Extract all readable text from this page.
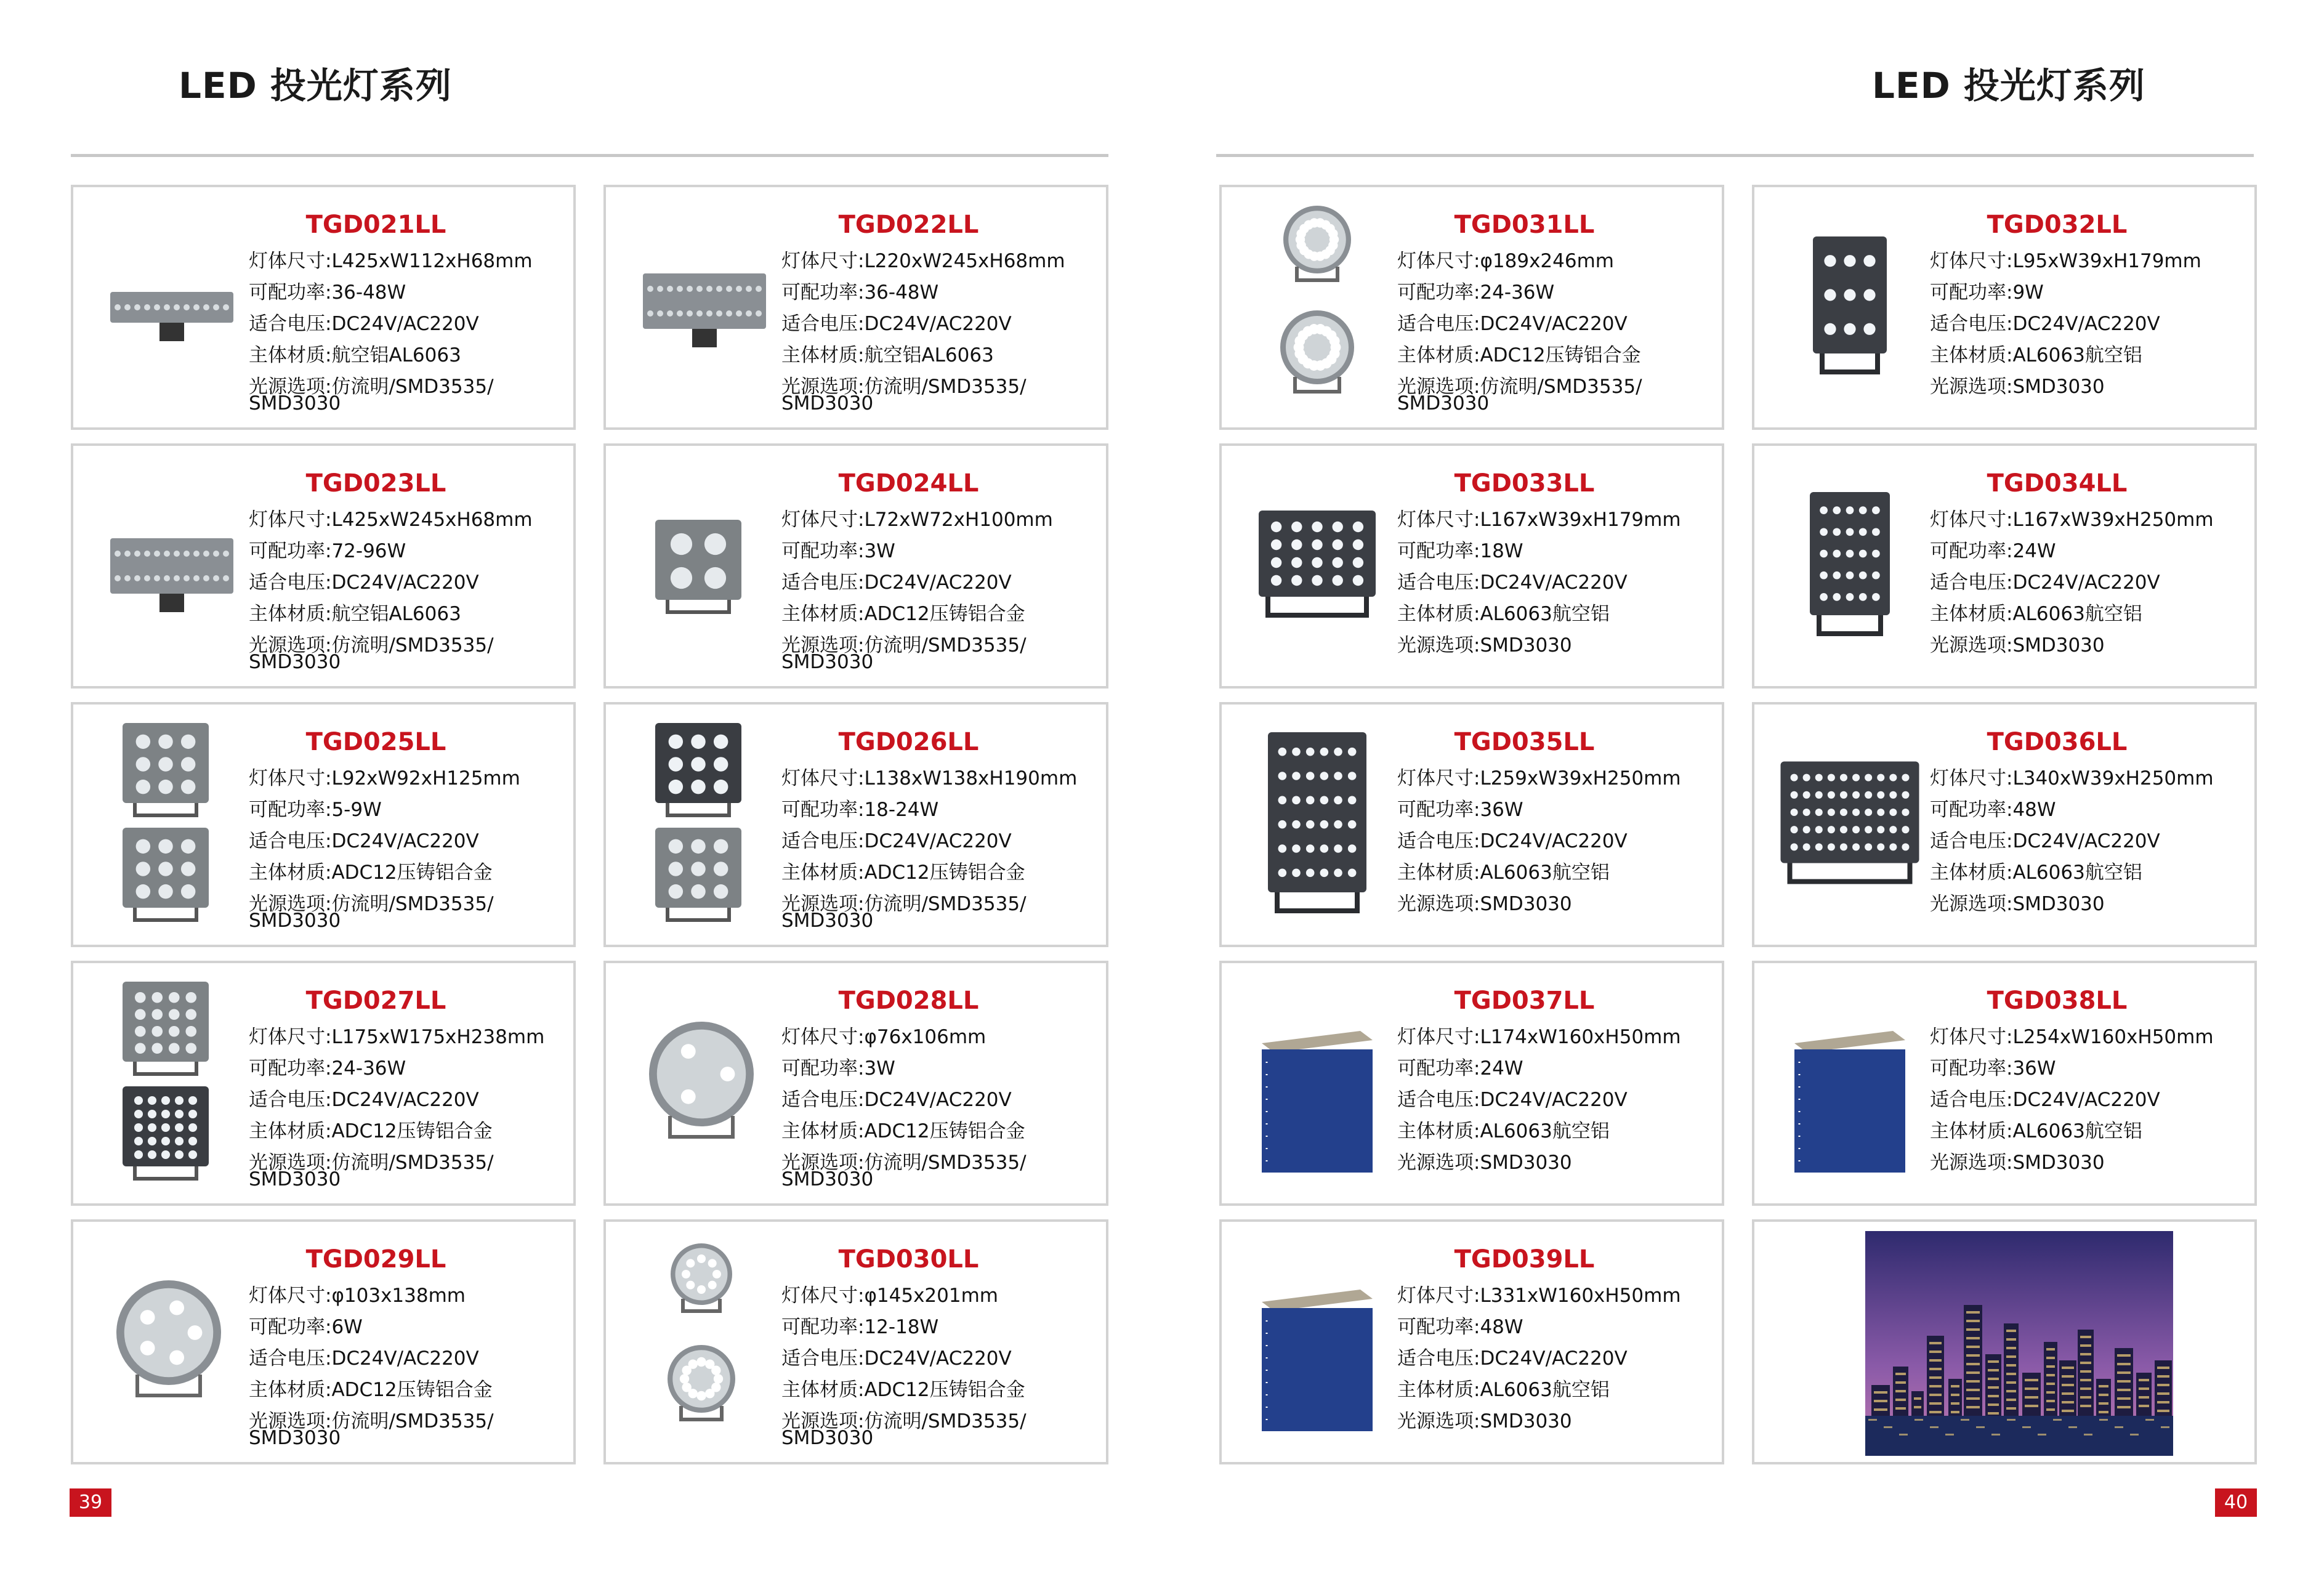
LED 投光灯系列	LED 投光灯系列
TGD021LL
灯体尺寸:L425xW112xH68mm
可配功率:36-48W
适合电压:DC24V/AC220V
主体材质:航空铝AL6063
光源选项:仿流明/SMD3535/
SMD3030
TGD022LL
灯体尺寸:L220xW245xH68mm
可配功率:36-48W
适合电压:DC24V/AC220V
主体材质:航空铝AL6063
光源选项:仿流明/SMD3535/
SMD3030
TGD023LL
灯体尺寸:L425xW245xH68mm
可配功率:72-96W
适合电压:DC24V/AC220V
主体材质:航空铝AL6063
光源选项:仿流明/SMD3535/
SMD3030
TGD024LL
灯体尺寸:L72xW72xH100mm
可配功率:3W
适合电压:DC24V/AC220V
主体材质:ADC12压铸铝合金
光源选项:仿流明/SMD3535/
SMD3030
TGD025LL
灯体尺寸:L92xW92xH125mm
可配功率:5-9W
适合电压:DC24V/AC220V
主体材质:ADC12压铸铝合金
光源选项:仿流明/SMD3535/
SMD3030
TGD026LL
灯体尺寸:L138xW138xH190mm
可配功率:18-24W
适合电压:DC24V/AC220V
主体材质:ADC12压铸铝合金
光源选项:仿流明/SMD3535/
SMD3030
TGD027LL
灯体尺寸:L175xW175xH238mm
可配功率:24-36W
适合电压:DC24V/AC220V
主体材质:ADC12压铸铝合金
光源选项:仿流明/SMD3535/
SMD3030
TGD028LL
灯体尺寸:φ76x106mm
可配功率:3W
适合电压:DC24V/AC220V
主体材质:ADC12压铸铝合金
光源选项:仿流明/SMD3535/
SMD3030
TGD029LL
灯体尺寸:φ103x138mm
可配功率:6W
适合电压:DC24V/AC220V
主体材质:ADC12压铸铝合金
光源选项:仿流明/SMD3535/
SMD3030
TGD030LL
灯体尺寸:φ145x201mm
可配功率:12-18W
适合电压:DC24V/AC220V
主体材质:ADC12压铸铝合金
光源选项:仿流明/SMD3535/
SMD3030
TGD031LL
灯体尺寸:φ189x246mm
可配功率:24-36W
适合电压:DC24V/AC220V
主体材质:ADC12压铸铝合金
光源选项:仿流明/SMD3535/
SMD3030
TGD032LL
灯体尺寸:L95xW39xH179mm
可配功率:9W
适合电压:DC24V/AC220V
主体材质:AL6063航空铝
光源选项:SMD3030
TGD033LL
灯体尺寸:L167xW39xH179mm
可配功率:18W
适合电压:DC24V/AC220V
主体材质:AL6063航空铝
光源选项:SMD3030
TGD034LL
灯体尺寸:L167xW39xH250mm
可配功率:24W
适合电压:DC24V/AC220V
主体材质:AL6063航空铝
光源选项:SMD3030
TGD035LL
灯体尺寸:L259xW39xH250mm
可配功率:36W
适合电压:DC24V/AC220V
主体材质:AL6063航空铝
光源选项:SMD3030
TGD036LL
灯体尺寸:L340xW39xH250mm
可配功率:48W
适合电压:DC24V/AC220V
主体材质:AL6063航空铝
光源选项:SMD3030
TGD037LL
灯体尺寸:L174xW160xH50mm
可配功率:24W
适合电压:DC24V/AC220V
主体材质:AL6063航空铝
光源选项:SMD3030
TGD038LL
灯体尺寸:L254xW160xH50mm
可配功率:36W
适合电压:DC24V/AC220V
主体材质:AL6063航空铝
光源选项:SMD3030
TGD039LL
灯体尺寸:L331xW160xH50mm
可配功率:48W
适合电压:DC24V/AC220V
主体材质:AL6063航空铝
光源选项:SMD3030
39	40
